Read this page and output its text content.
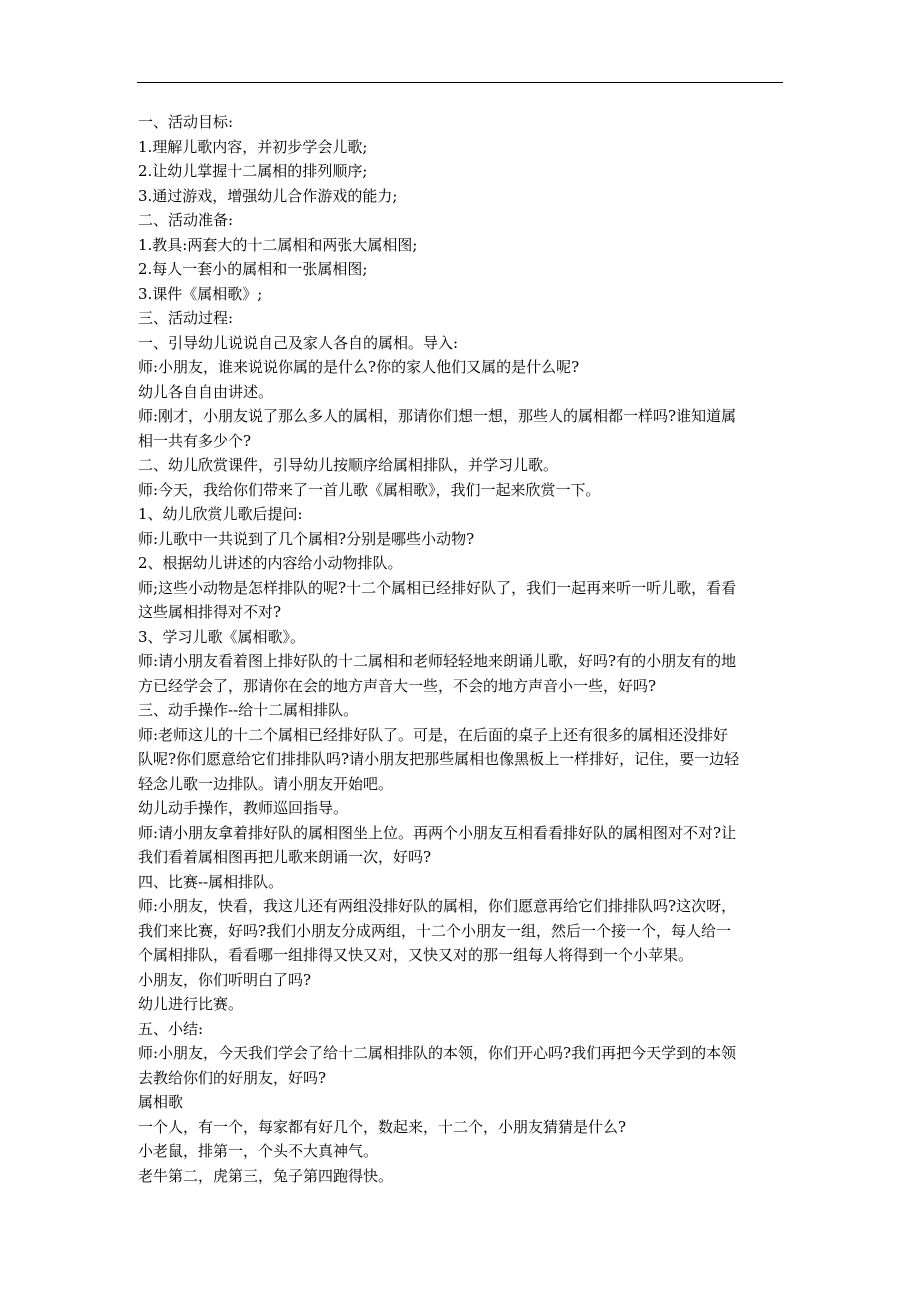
一、活动目标:

1.理解儿歌内容，并初步学会儿歌;

2.让幼儿掌握十二属相的排列顺序;

3.通过游戏，增强幼儿合作游戏的能力;

二、活动准备:

1.教具:两套大的十二属相和两张大属相图;

2.每人一套小的属相和一张属相图;

3.课件《属相歌》;

三、活动过程:

一、引导幼儿说说自己及家人各自的属相。导入:

师:小朋友，谁来说说你属的是什么?你的家人他们又属的是什么呢?

幼儿各自自由讲述。

师:刚才，小朋友说了那么多人的属相，那请你们想一想，那些人的属相都一样吗?谁知道属

相一共有多少个?

二、幼儿欣赏课件，引导幼儿按顺序给属相排队，并学习儿歌。

师:今天，我给你们带来了一首儿歌《属相歌》，我们一起来欣赏一下。

1、幼儿欣赏儿歌后提问:

师:儿歌中一共说到了几个属相?分别是哪些小动物?

2、根据幼儿讲述的内容给小动物排队。

师;这些小动物是怎样排队的呢?十二个属相已经排好队了，我们一起再来听一听儿歌，看看

这些属相排得对不对?

3、学习儿歌《属相歌》。

师:请小朋友看着图上排好队的十二属相和老师轻轻地来朗诵儿歌，好吗?有的小朋友有的地

方已经学会了，那请你在会的地方声音大一些，不会的地方声音小一些，好吗?

三、动手操作--给十二属相排队。

师:老师这儿的十二个属相已经排好队了。可是，在后面的桌子上还有很多的属相还没排好

队呢?你们愿意给它们排排队吗?请小朋友把那些属相也像黑板上一样排好，记住，要一边轻

轻念儿歌一边排队。请小朋友开始吧。

幼儿动手操作，教师巡回指导。

师:请小朋友拿着排好队的属相图坐上位。再两个小朋友互相看看排好队的属相图对不对?让

我们看着属相图再把儿歌来朗诵一次，好吗?

四、比赛--属相排队。

师:小朋友，快看，我这儿还有两组没排好队的属相，你们愿意再给它们排排队吗?这次呀，

我们来比赛，好吗?我们小朋友分成两组，十二个小朋友一组，然后一个接一个，每人给一

个属相排队，看看哪一组排得又快又对，又快又对的那一组每人将得到一个小苹果。

小朋友，你们听明白了吗?

幼儿进行比赛。

五、小结:

师:小朋友，今天我们学会了给十二属相排队的本领，你们开心吗?我们再把今天学到的本领

去教给你们的好朋友，好吗?

属相歌

一个人，有一个，每家都有好几个，数起来，十二个，小朋友猜猜是什么?

小老鼠，排第一，个头不大真神气。

老牛第二，虎第三，兔子第四跑得快。
